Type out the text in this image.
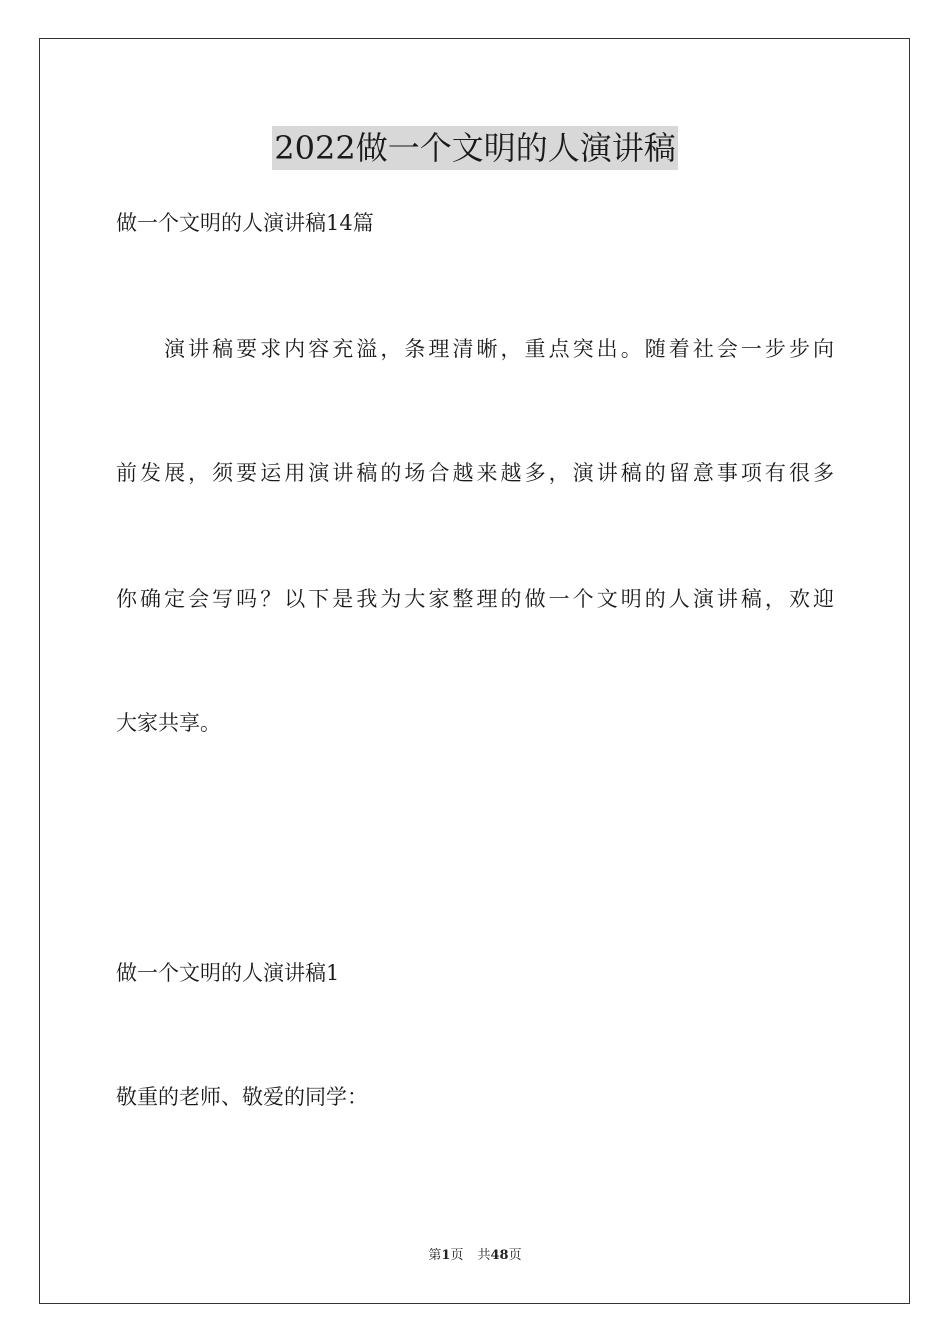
2022做一个文明的人演讲稿

做一个文明的人演讲稿14篇

演讲稿要求内容充溢，条理清晰，重点突出。随着社会一步步向

前发展，须要运用演讲稿的场合越来越多，演讲稿的留意事项有很多

你确定会写吗？以下是我为大家整理的做一个文明的人演讲稿，欢迎

大家共享。

做一个文明的人演讲稿1

敬重的老师、敬爱的同学：

第1页 共48页
